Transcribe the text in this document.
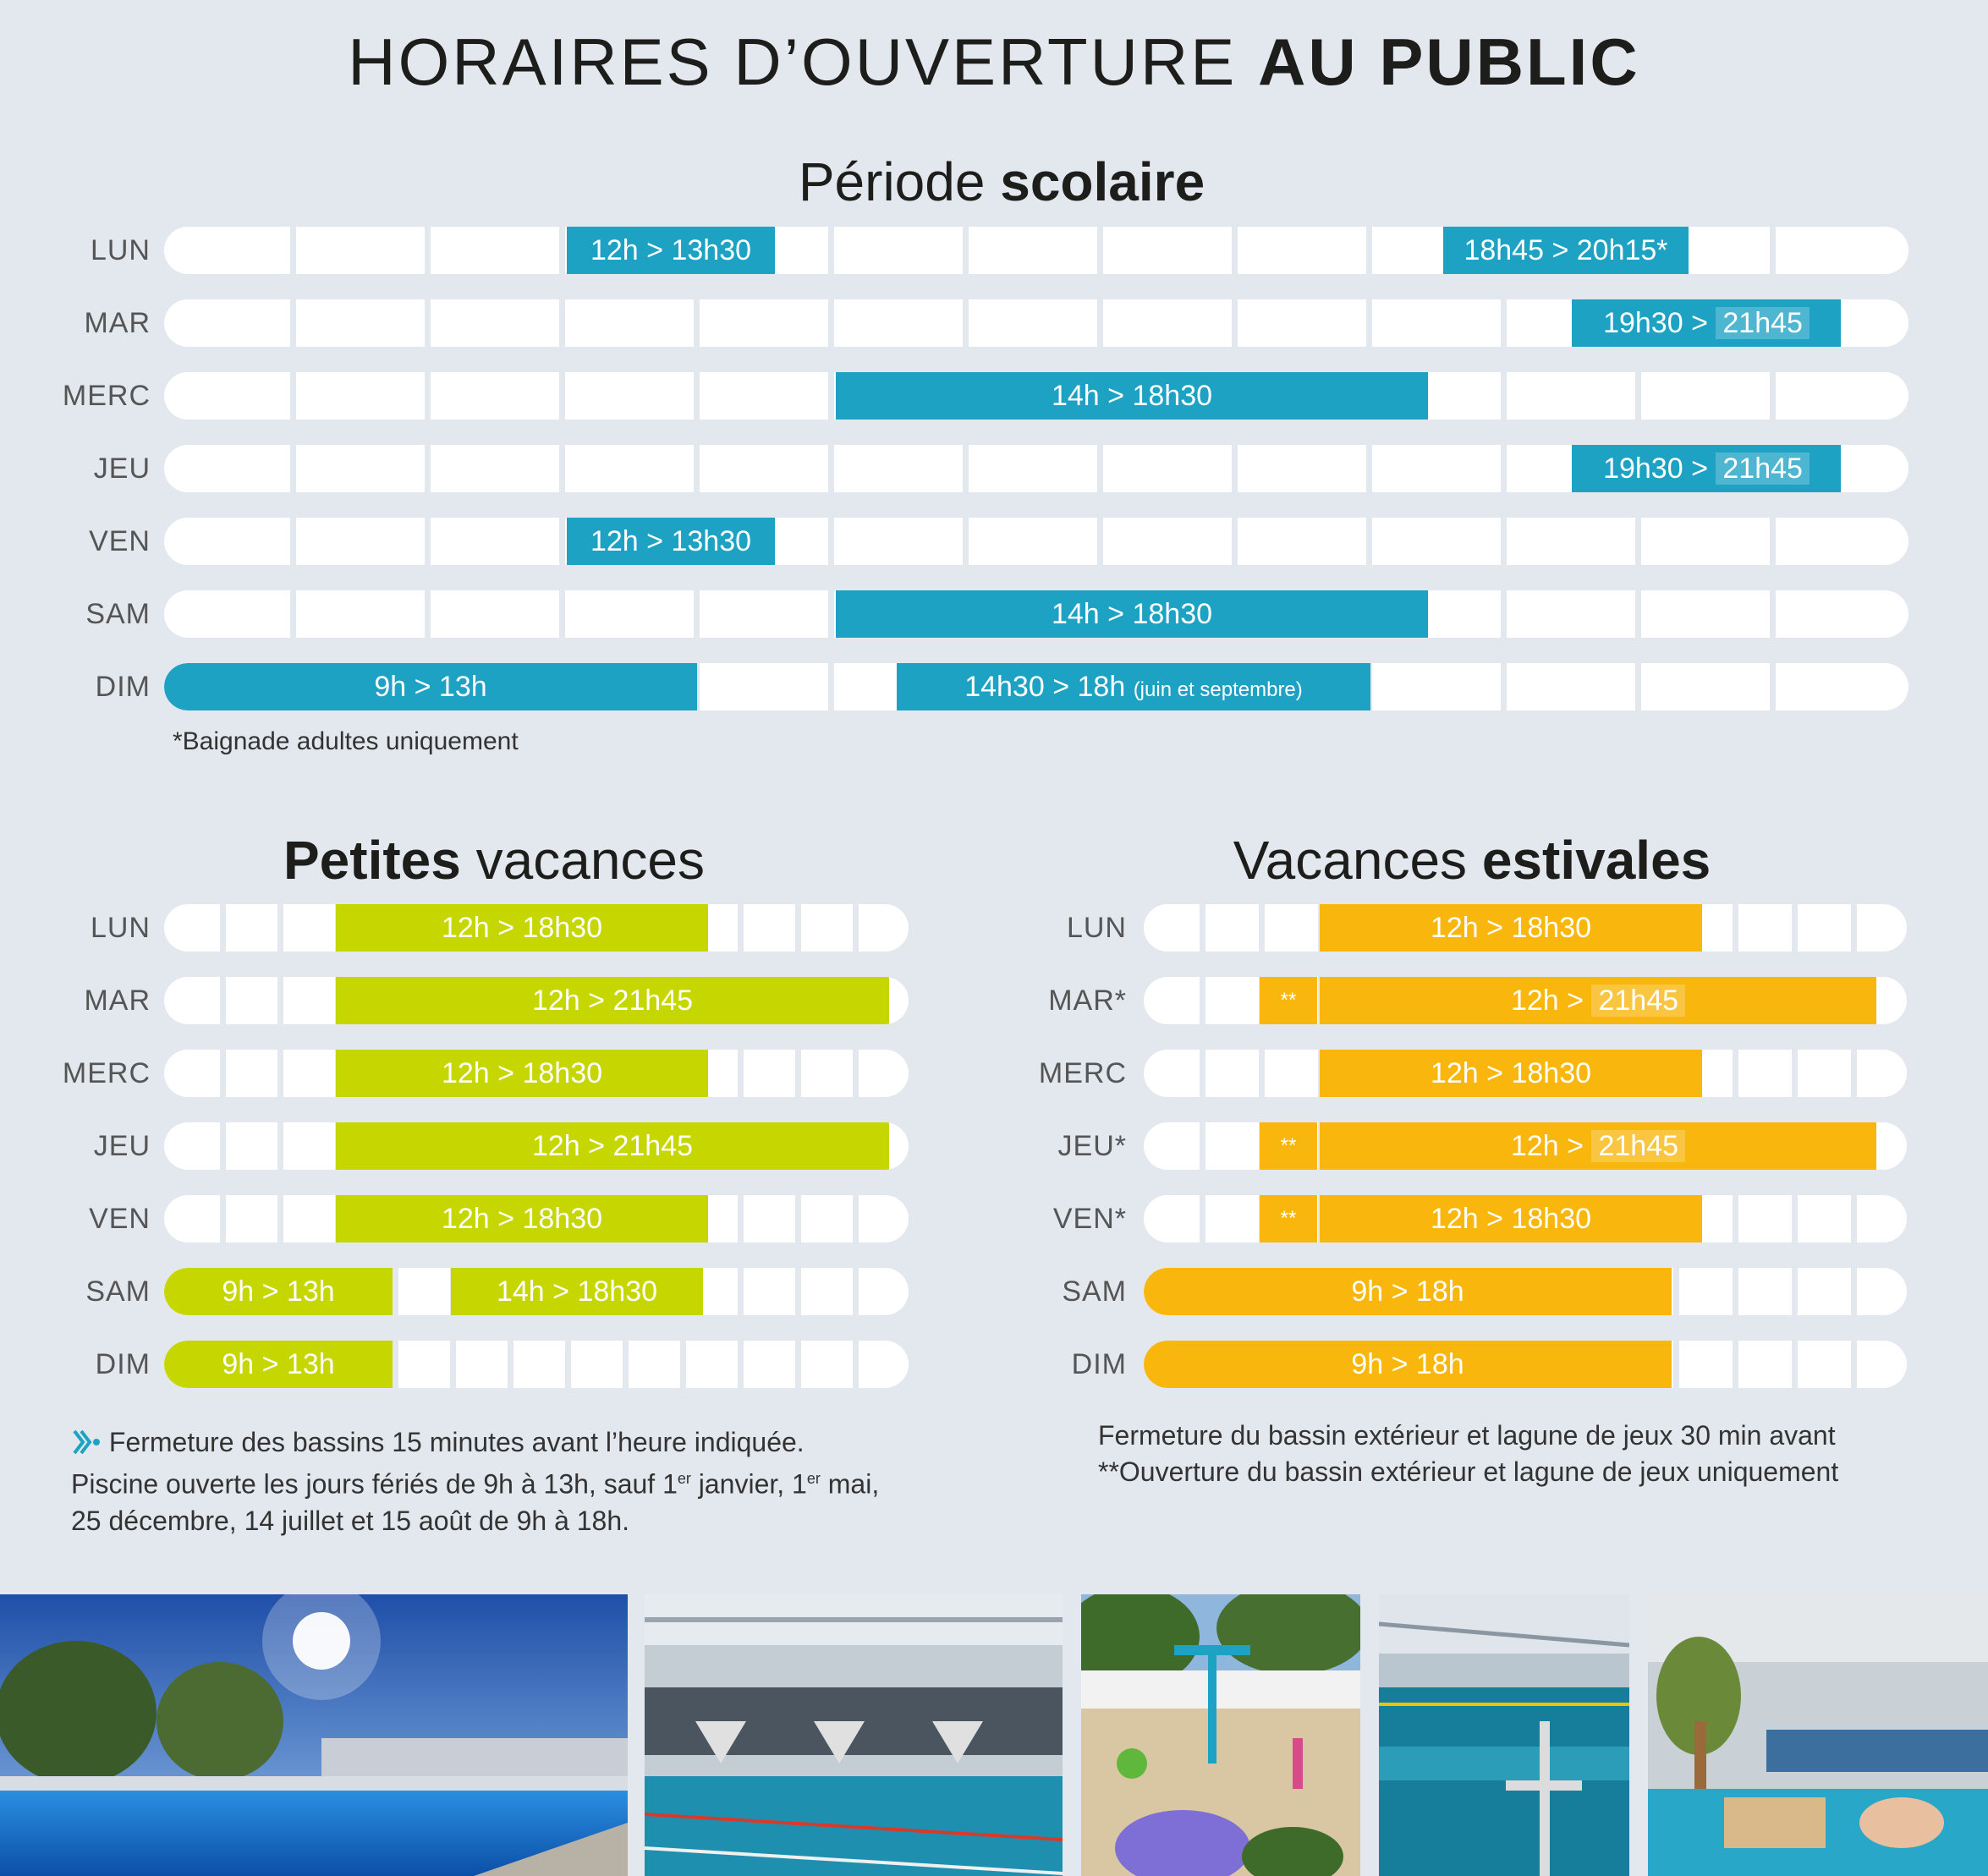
HORAIRES D’OUVERTURE AU PUBLIC
Période scolaire
LUN	12h > 13h30	18h45 > 20h15*
MAR	19h30 > 21h45
MERC	14h > 18h30
JEU	19h30 > 21h45
VEN	12h > 13h30
SAM	14h > 18h30
DIM	9h > 13h	14h30 > 18h (juin et septembre)
*Baignade adultes uniquement
Petites vacances
LUN	12h > 18h30
MAR	12h > 21h45
MERC	12h > 18h30
JEU	12h > 21h45
VEN	12h > 18h30
SAM	9h > 13h	14h > 18h30
DIM	9h > 13h
Fermeture des bassins 15 minutes avant l’heure indiquée.
Piscine ouverte les jours fériés de 9h à 13h, sauf 1er janvier, 1er mai,
25 décembre, 14 juillet et 15 août de 9h à 18h.
Vacances estivales
LUN	12h > 18h30
MAR*	**	12h > 21h45
MERC	12h > 18h30
JEU*	**	12h > 21h45
VEN*	**	12h > 18h30
SAM	9h > 18h
DIM	9h > 18h
Fermeture du bassin extérieur et lagune de jeux 30 min avant
**Ouverture du bassin extérieur et lagune de jeux uniquement
